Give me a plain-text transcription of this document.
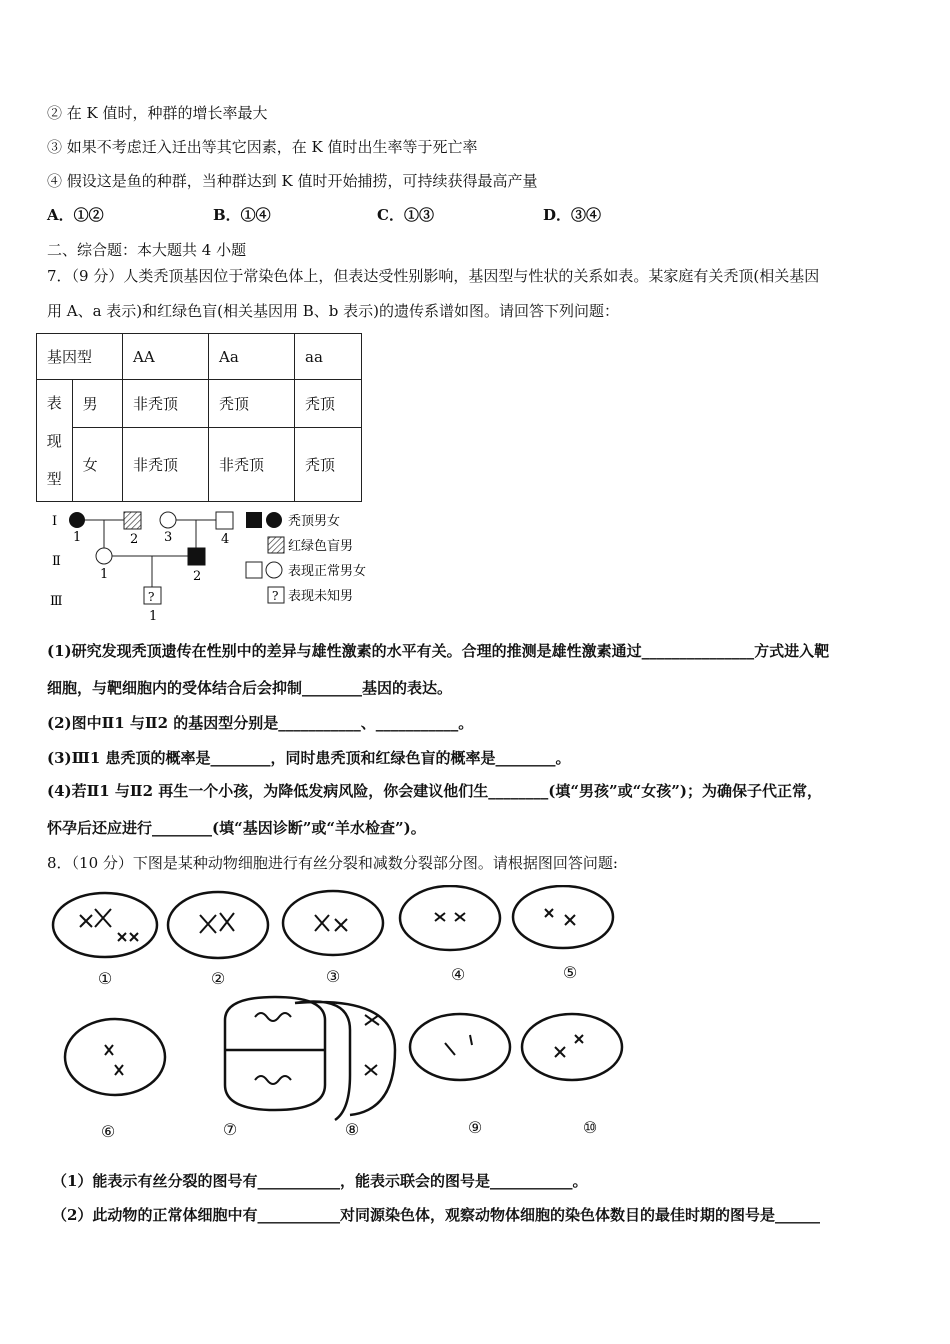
② 在 K 值时，种群的增长率最大
③ 如果不考虑迁入迁出等其它因素，在 K 值时出生率等于死亡率
④ 假设这是鱼的种群，当种群达到 K 值时开始捕捞，可持续获得最高产量
A．①②	B．①④	C．①③	D．③④
二、综合题：本大题共 4 小题
7．（9 分）人类秃顶基因位于常染色体上，但表达受性别影响，基因型与性状的关系如表。某家庭有关秃顶(相关基因
用 A、a 表示)和红绿色盲(相关基因用 B、b 表示)的遗传系谱如图。请回答下列问题：
基因型		AA	Aa	aa

表
现
型	男	非秃顶	秃顶	秃顶
	女	非秃顶	非秃顶	秃顶
Ⅰ
Ⅱ
Ⅲ
1	2 3	4
1	2
?
1
秃顶男女
红绿色盲男
表现正常男女
? 表现未知男
(1)研究发现秃顶遗传在性别中的差异与雄性激素的水平有关。合理的推测是雄性激素通过_______________方式进入靶
细胞，与靶细胞内的受体结合后会抑制________基因的表达。
(2)图中Ⅱ1 与Ⅱ2 的基因型分别是___________、___________。
(3)Ⅲ1 患秃顶的概率是________，同时患秃顶和红绿色盲的概率是________。
(4)若Ⅱ1 与Ⅱ2 再生一个小孩，为降低发病风险，你会建议他们生________(填“男孩”或“女孩”)；为确保子代正常，
怀孕后还应进行________(填“基因诊断”或“羊水检查”)。
8．（10 分）下图是某种动物细胞进行有丝分裂和减数分裂部分图。请根据图回答问题:
①	②	③	④	⑤
⑥	⑦	⑧	⑨	⑩
（1）能表示有丝分裂的图号有___________，能表示联会的图号是___________。
（2）此动物的正常体细胞中有___________对同源染色体，观察动物体细胞的染色体数目的最佳时期的图号是______
